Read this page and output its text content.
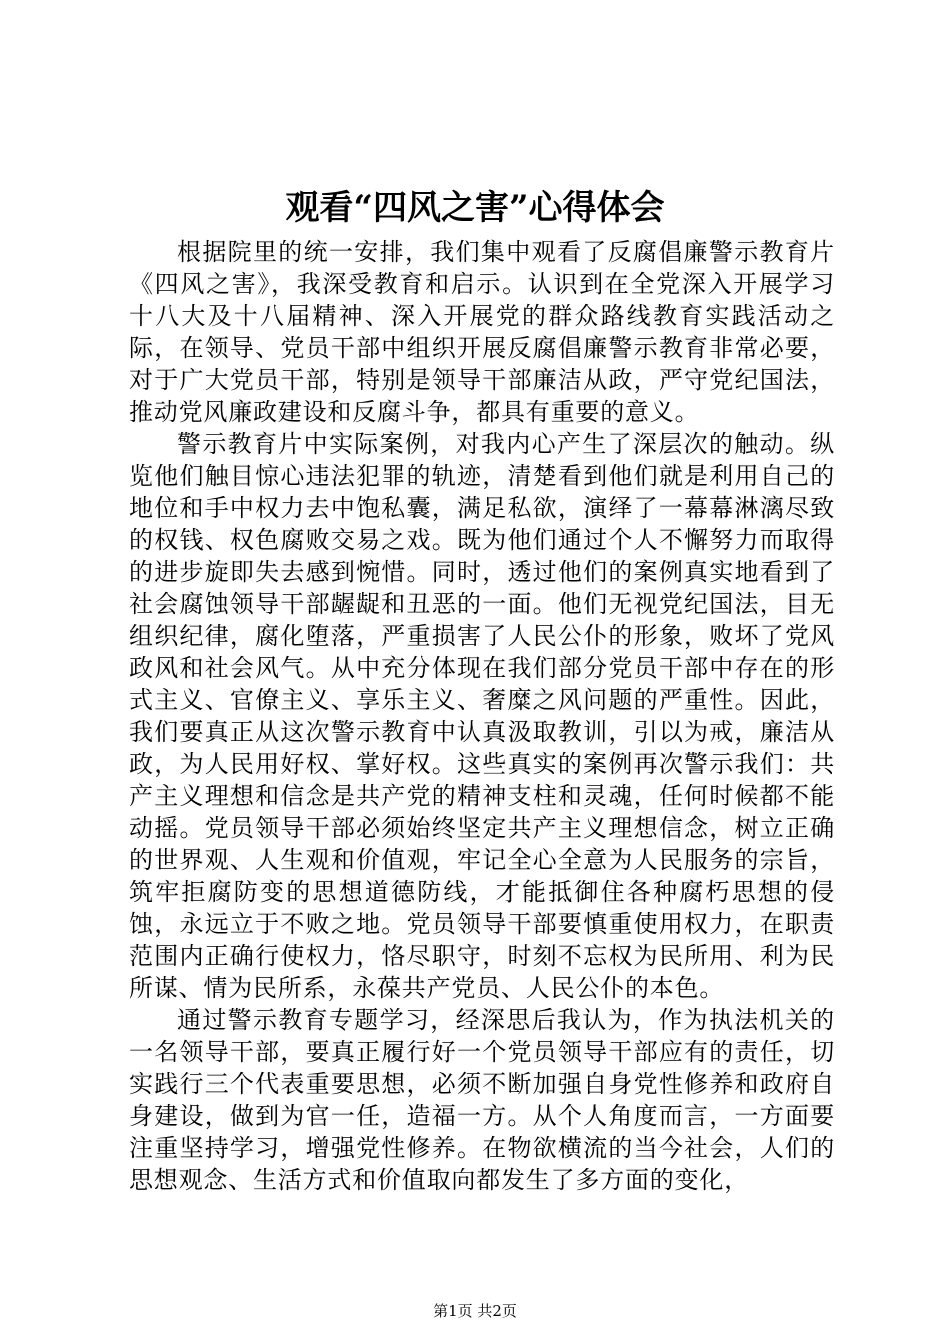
观看“四风之害”心得体会

根据院里的统一安排，我们集中观看了反腐倡廉警示教育片《四风之害》，我深受教育和启示。认识到在全党深入开展学习十八大及十八届精神、深入开展党的群众路线教育实践活动之际，在领导、党员干部中组织开展反腐倡廉警示教育非常必要，对于广大党员干部，特别是领导干部廉洁从政，严守党纪国法，推动党风廉政建设和反腐斗争，都具有重要的意义。

警示教育片中实际案例，对我内心产生了深层次的触动。纵览他们触目惊心违法犯罪的轨迹，清楚看到他们就是利用自己的地位和手中权力去中饱私囊，满足私欲，演绎了一幕幕淋漓尽致的权钱、权色腐败交易之戏。既为他们通过个人不懈努力而取得的进步旋即失去感到惋惜。同时，透过他们的案例真实地看到了社会腐蚀领导干部龌龊和丑恶的一面。他们无视党纪国法，目无组织纪律，腐化堕落，严重损害了人民公仆的形象，败坏了党风政风和社会风气。从中充分体现在我们部分党员干部中存在的形式主义、官僚主义、享乐主义、奢糜之风问题的严重性。因此，我们要真正从这次警示教育中认真汲取教训，引以为戒，廉洁从政，为人民用好权、掌好权。这些真实的案例再次警示我们：共产主义理想和信念是共产党的精神支柱和灵魂，任何时候都不能动摇。党员领导干部必须始终坚定共产主义理想信念，树立正确的世界观、人生观和价值观，牢记全心全意为人民服务的宗旨，筑牢拒腐防变的思想道德防线，才能抵御住各种腐朽思想的侵蚀，永远立于不败之地。党员领导干部要慎重使用权力，在职责范围内正确行使权力，恪尽职守，时刻不忘权为民所用、利为民所谋、情为民所系，永葆共产党员、人民公仆的本色。

通过警示教育专题学习，经深思后我认为，作为执法机关的一名领导干部，要真正履行好一个党员领导干部应有的责任，切实践行三个代表重要思想，必须不断加强自身党性修养和政府自身建设，做到为官一任，造福一方。从个人角度而言，一方面要注重坚持学习，增强党性修养。在物欲横流的当今社会，人们的思想观念、生活方式和价值取向都发生了多方面的变化，

第1页 共2页
